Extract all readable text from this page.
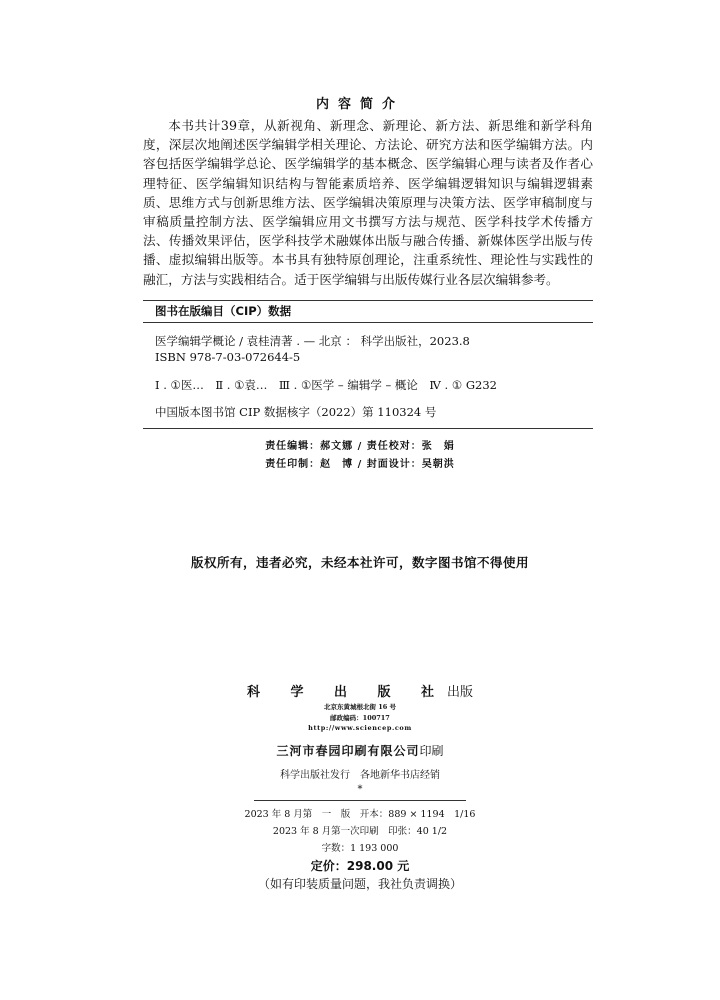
内容简介

本书共计39章，从新视角、新理念、新理论、新方法、新思维和新学科角度，深层次地阐述医学编辑学相关理论、方法论、研究方法和医学编辑方法。内容包括医学编辑学总论、医学编辑学的基本概念、医学编辑心理与读者及作者心理特征、医学编辑知识结构与智能素质培养、医学编辑逻辑知识与编辑逻辑素质、思维方式与创新思维方法、医学编辑决策原理与决策方法、医学审稿制度与审稿质量控制方法、医学编辑应用文书撰写方法与规范、医学科技学术传播方法、传播效果评估，医学科技学术融媒体出版与融合传播、新媒体医学出版与传播、虚拟编辑出版等。本书具有独特原创理论，注重系统性、理论性与实践性的融汇，方法与实践相结合。适于医学编辑与出版传媒行业各层次编辑参考。

图书在版编目（CIP）数据
医学编辑学概论 / 袁桂清著 . — 北京 ： 科学出版社，2023.8
ISBN 978-7-03-072644-5
Ⅰ . ①医…　Ⅱ . ①袁…　Ⅲ . ①医学 – 编辑学 – 概论　Ⅳ . ① G232
中国版本图书馆 CIP 数据核字（2022）第 110324 号
责任编辑：郝文娜 / 责任校对：张　娟
责任印制：赵　博 / 封面设计：吴朝洪
版权所有，违者必究，未经本社许可，数字图书馆不得使用
科 学 出 版 社出版
北京东黄城根北街 16 号
邮政编码：100717
http://www.sciencep.com
三河市春园印刷有限公司印刷
科学出版社发行　各地新华书店经销
*
2023 年 8 月第　一　版　开本：889 × 1194　1/16
2023 年 8 月第一次印刷　印张：40 1/2
字数：1 193 000
定价：298.00 元
（如有印装质量问题，我社负责调换）
